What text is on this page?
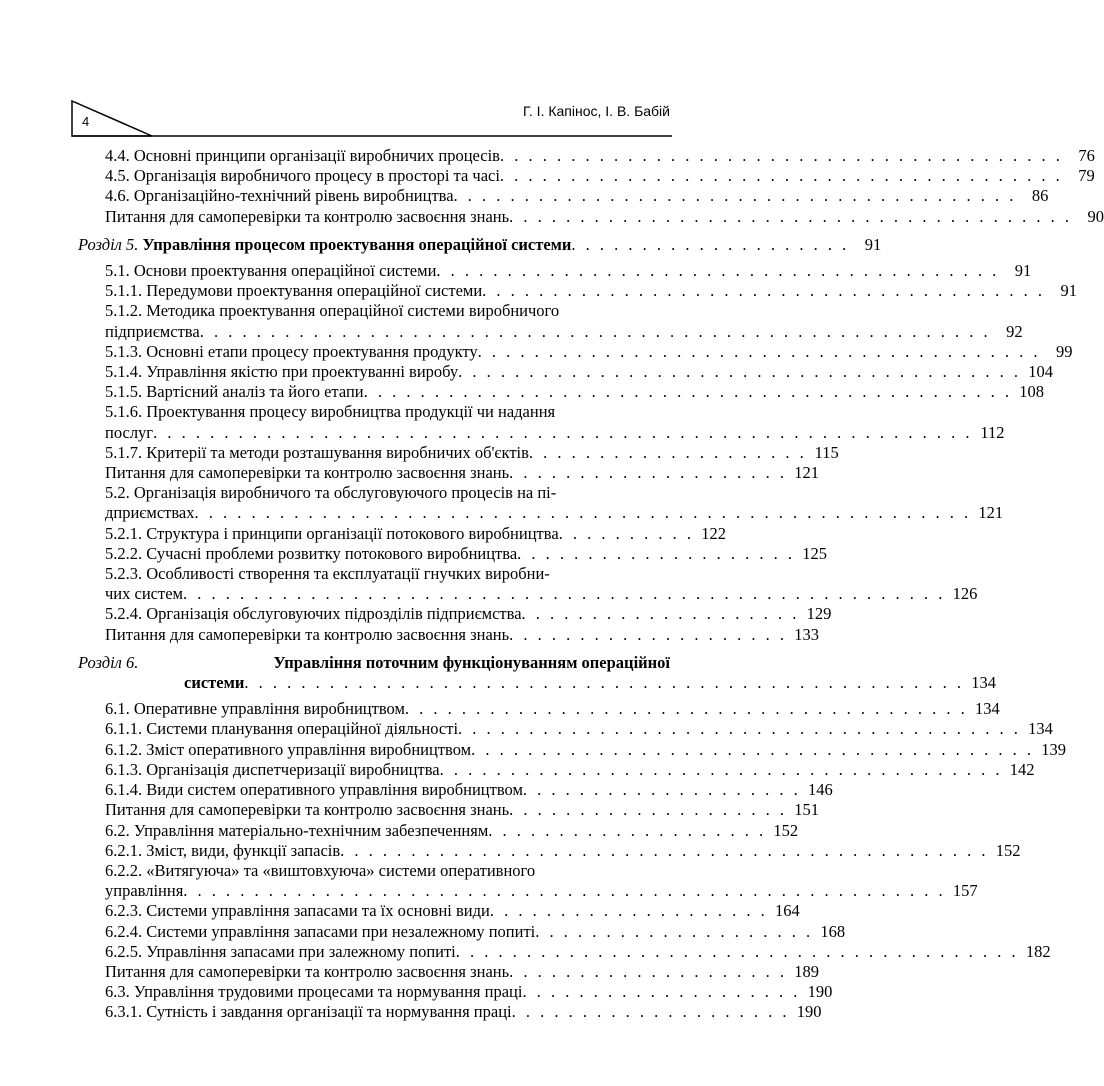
4
Г. І. Капінос, І. В. Бабій
4.4. Основні принципи організації виробничих процесів . . . . . . . . . . . . . . . . . . . . . . . . . . . . . . . . . . . . . . . . 76
4.5. Організація виробничого процесу в просторі та часі . . . . . . . . . . . . . . . . . . . . . . . . . . . . . . . . . . . . . . . . 79
4.6. Організаційно-технічний рівень виробництва . . . . . . . . . . . . . . . . . . . . . . . . . . . . . . . . . . . . . . . . 86
Питання для самоперевірки та контролю засвоєння знань . . . . . . . . . . . . . . . . . . . . . . . . . . . . . . . . . . . . . . . . 90
Розділ 5. Управління процесом проектування операційної системи . . . . . . . . . . . . . . . . . . . . 91
5.1. Основи проектування операційної системи . . . . . . . . . . . . . . . . . . . . . . . . . . . . . . . . . . . . . . . . 91
5.1.1. Передумови проектування операційної системи . . . . . . . . . . . . . . . . . . . . . . . . . . . . . . . . . . . . . . . . 91
5.1.2. Методика проектування операційної системи виробничого
підприємства . . . . . . . . . . . . . . . . . . . . . . . . . . . . . . . . . . . . . . . . . . . . . . . . . . . . . . . . 92
5.1.3. Основні етапи процесу проектування продукту . . . . . . . . . . . . . . . . . . . . . . . . . . . . . . . . . . . . . . . . 99
5.1.4. Управління якістю при проектуванні виробу . . . . . . . . . . . . . . . . . . . . . . . . . . . . . . . . . . . . . . . . 104
5.1.5. Вартісний аналіз та його етапи . . . . . . . . . . . . . . . . . . . . . . . . . . . . . . . . . . . . . . . . . . . . . . 108
5.1.6. Проектування процесу виробництва продукції чи надання
послуг . . . . . . . . . . . . . . . . . . . . . . . . . . . . . . . . . . . . . . . . . . . . . . . . . . . . . . . . . . 112
5.1.7. Критерії та методи розташування виробничих об'єктів . . . . . . . . . . . . . . . . . . . . 115
Питання для самоперевірки та контролю засвоєння знань . . . . . . . . . . . . . . . . . . . . 121
5.2. Організація виробничого та обслуговуючого процесів на пі-
дприємствах . . . . . . . . . . . . . . . . . . . . . . . . . . . . . . . . . . . . . . . . . . . . . . . . . . . . . . . 121
5.2.1. Структура і принципи організації потокового виробництва . . . . . . . . . . 122
5.2.2. Сучасні проблеми розвитку потокового виробництва . . . . . . . . . . . . . . . . . . . . 125
5.2.3. Особливості створення та експлуатації гнучких виробни-
чих систем . . . . . . . . . . . . . . . . . . . . . . . . . . . . . . . . . . . . . . . . . . . . . . . . . . . . . . 126
5.2.4. Організація обслуговуючих підрозділів підприємства . . . . . . . . . . . . . . . . . . . . 129
Питання для самоперевірки та контролю засвоєння знань . . . . . . . . . . . . . . . . . . . . 133
Розділ 6.	Управління поточним функціонуванням операційної
системи . . . . . . . . . . . . . . . . . . . . . . . . . . . . . . . . . . . . . . . . . . . . . . . . . . . 134
6.1. Оперативне управління виробництвом . . . . . . . . . . . . . . . . . . . . . . . . . . . . . . . . . . . . . . . . 134
6.1.1. Системи планування операційної діяльності . . . . . . . . . . . . . . . . . . . . . . . . . . . . . . . . . . . . . . . . 134
6.1.2. Зміст оперативного управління виробництвом . . . . . . . . . . . . . . . . . . . . . . . . . . . . . . . . . . . . . . . . 139
6.1.3. Організація диспетчеризації виробництва . . . . . . . . . . . . . . . . . . . . . . . . . . . . . . . . . . . . . . . . 142
6.1.4. Види систем оперативного управління виробництвом . . . . . . . . . . . . . . . . . . . . 146
Питання для самоперевірки та контролю засвоєння знань . . . . . . . . . . . . . . . . . . . . 151
6.2. Управління матеріально-технічним забезпеченням . . . . . . . . . . . . . . . . . . . . 152
6.2.1. Зміст, види, функції запасів . . . . . . . . . . . . . . . . . . . . . . . . . . . . . . . . . . . . . . . . . . . . . . 152
6.2.2. «Витягуюча» та «виштовхуюча» системи оперативного
управління . . . . . . . . . . . . . . . . . . . . . . . . . . . . . . . . . . . . . . . . . . . . . . . . . . . . . . 157
6.2.3. Системи управління запасами та їх основні види . . . . . . . . . . . . . . . . . . . . 164
6.2.4. Системи управління запасами при незалежному попиті . . . . . . . . . . . . . . . . . . . . 168
6.2.5. Управління запасами при залежному попиті . . . . . . . . . . . . . . . . . . . . . . . . . . . . . . . . . . . . . . . . 182
Питання для самоперевірки та контролю засвоєння знань . . . . . . . . . . . . . . . . . . . . 189
6.3. Управління трудовими процесами та нормування праці . . . . . . . . . . . . . . . . . . . . 190
6.3.1. Сутність і завдання організації та нормування праці . . . . . . . . . . . . . . . . . . . . 190
